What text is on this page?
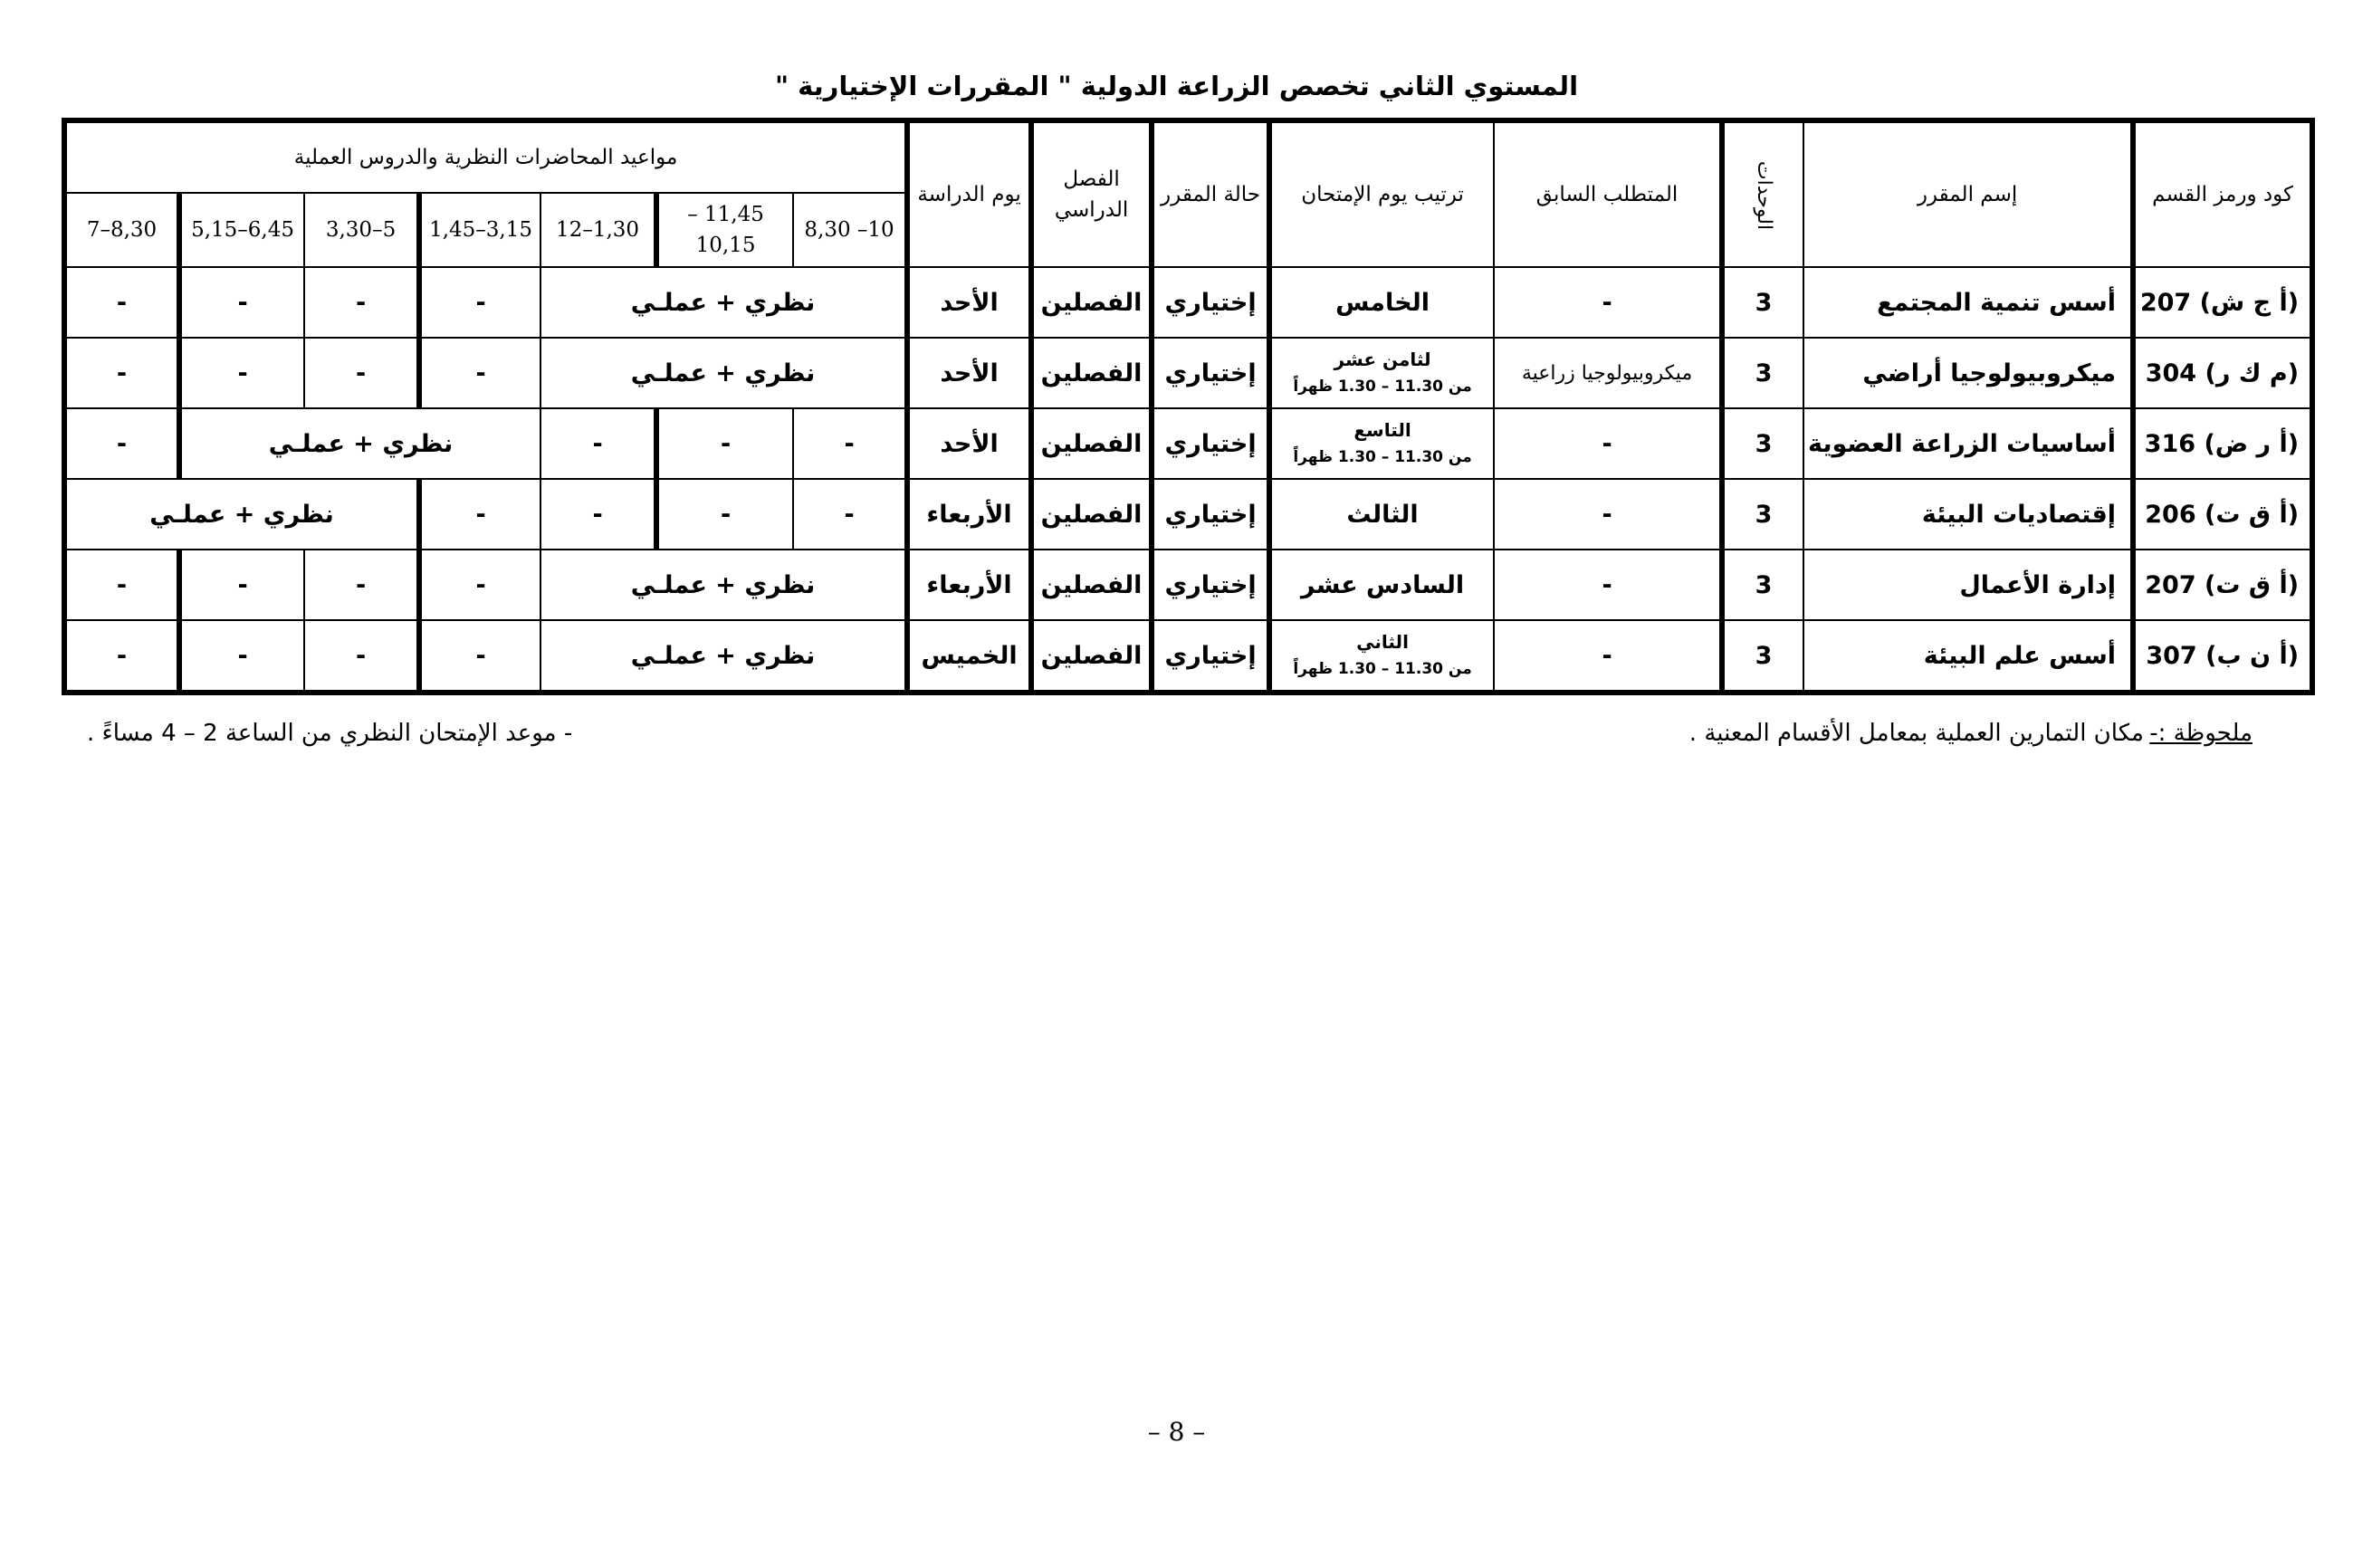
المستوي الثاني تخصص الزراعة الدولية " المقررات الإختيارية "
كود ورمز القسم	إسم المقرر	الوحدات	المتطلب السابق	ترتيب يوم الإمتحان	حالة المقرر	الفصل الدراسي	يوم الدراسة	مواعيد المحاضرات النظرية والدروس العملية						
								10– 8,30	11,45 –10,15	1,30–12	3,15–1,45	5–3,30	6,45–5,15	8,30–7
(أ ج ش) 207	أسس تنمية المجتمع	3	-	الخامس	إختياري	الفصلين	الأحد	نظري + عملـي			-	-	-	-
(م ك ر) 304	ميكروبيولوجيا أراضي	3	ميكروبيولوجيا زراعية	لثامن عشر
من 11.30 – 1.30 ظهراً	إختياري	الفصلين	الأحد	نظري + عملـي			-	-	-	-
(أ ر ض) 316	أساسيات الزراعة العضوية	3	-	التاسع
من 11.30 – 1.30 ظهراً	إختياري	الفصلين	الأحد	-	-	-	نظري + عملـي			-
(أ ق ت) 206	إقتصاديات البيئة	3	-	الثالث	إختياري	الفصلين	الأربعاء	-	-	-	-	نظري + عملـي		
(أ ق ت) 207	إدارة الأعمال	3	-	السادس عشر	إختياري	الفصلين	الأربعاء	نظري + عملـي			-	-	-	-
(أ ن ب) 307	أسس علم البيئة	3	-	الثاني
من 11.30 – 1.30 ظهراً	إختياري	الفصلين	الخميس	نظري + عملـي			-	-	-	-
ملحوظة :-
مكان التمارين العملية بمعامل الأقسام المعنية .
- موعد الإمتحان النظري من الساعة 2 – 4 مساءً .
– 8 –
